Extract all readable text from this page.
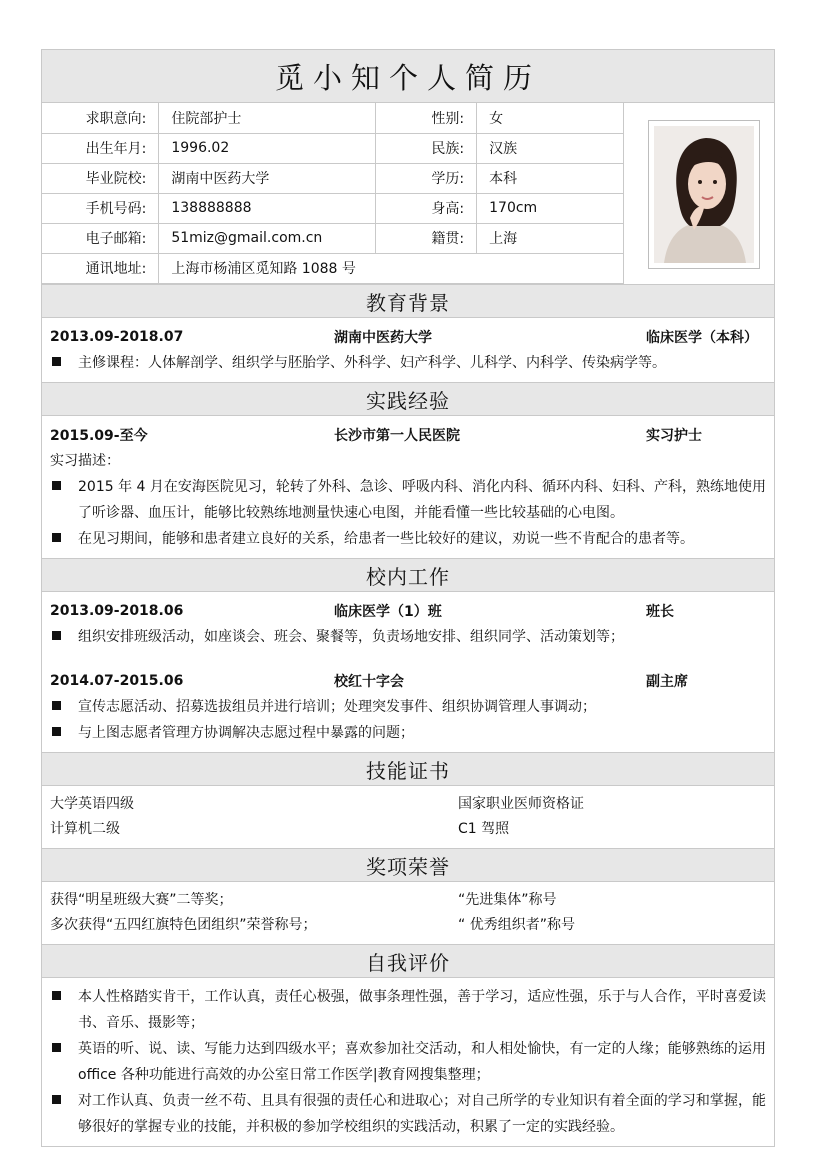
觅小知个人简历
求职意向:	住院部护士	性别:	女
出生年月:	1996.02	民族:	汉族
毕业院校:	湖南中医药大学	学历:	本科
手机号码:	138888888	身高:	170cm
电子邮箱:	51miz@gmail.com.cn	籍贯:	上海
通讯地址:	上海市杨浦区觅知路 1088 号		
教育背景
2013.09-2018.07	湖南中医药大学	临床医学（本科）
主修课程：人体解剖学、组织学与胚胎学、外科学、妇产科学、儿科学、内科学、传染病学等。
实践经验
2015.09-至今	长沙市第一人民医院	实习护士
实习描述：
2015 年 4 月在安海医院见习，轮转了外科、急诊、呼吸内科、消化内科、循环内科、妇科、产科，熟练地使用了听诊器、血压计，能够比较熟练地测量快速心电图，并能看懂一些比较基础的心电图。
在见习期间，能够和患者建立良好的关系，给患者一些比较好的建议，劝说一些不肯配合的患者等。
校内工作
2013.09-2018.06	临床医学（1）班	班长
组织安排班级活动，如座谈会、班会、聚餐等，负责场地安排、组织同学、活动策划等；
2014.07-2015.06	校红十字会	副主席
宣传志愿活动、招募选拔组员并进行培训；处理突发事件、组织协调管理人事调动；
与上图志愿者管理方协调解决志愿过程中暴露的问题；
技能证书
大学英语四级	国家职业医师资格证
计算机二级	C1 驾照
奖项荣誉
获得“明星班级大赛”二等奖；	“先进集体”称号
多次获得“五四红旗特色团组织”荣誉称号；	“ 优秀组织者”称号
自我评价
本人性格踏实肯干，工作认真，责任心极强，做事条理性强，善于学习，适应性强，乐于与人合作，平时喜爱读书、音乐、摄影等；
英语的听、说、读、写能力达到四级水平；喜欢参加社交活动，和人相处愉快，有一定的人缘；能够熟练的运用 office 各种功能进行高效的办公室日常工作医学|教育网搜集整理；
对工作认真、负责一丝不苟、且具有很强的责任心和进取心；对自己所学的专业知识有着全面的学习和掌握，能够很好的掌握专业的技能，并积极的参加学校组织的实践活动，积累了一定的实践经验。
